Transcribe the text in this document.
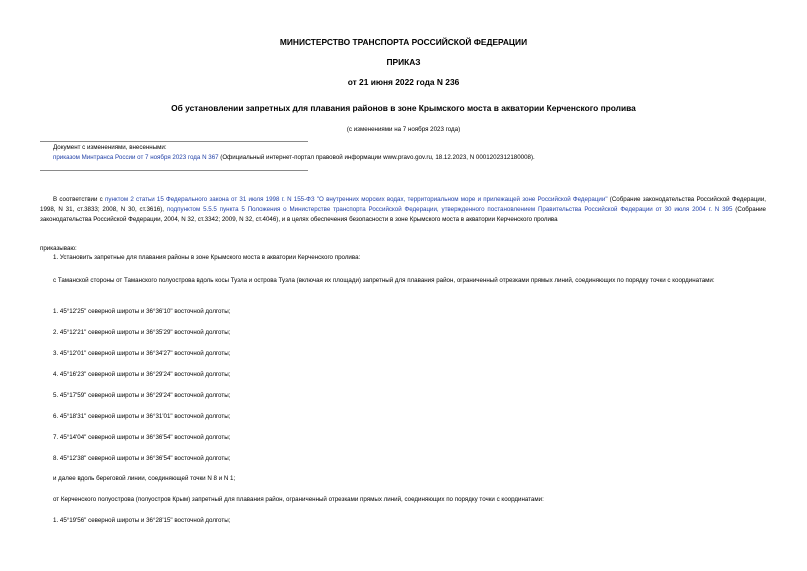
МИНИСТЕРСТВО ТРАНСПОРТА РОССИЙСКОЙ ФЕДЕРАЦИИ
ПРИКАЗ
от 21 июня 2022 года N 236
Об установлении запретных для плавания районов в зоне Крымского моста в акватории Керченского пролива
(с изменениями на 7 ноября 2023 года)
Документ с изменениями, внесенными:
приказом Минтранса России от 7 ноября 2023 года N 367 (Официальный интернет-портал правовой информации www.pravo.gov.ru, 18.12.2023, N 0001202312180008).
В соответствии с пунктом 2 статьи 15 Федерального закона от 31 июля 1998 г. N 155-ФЗ "О внутренних морских водах, территориальном море и прилежащей зоне Российской Федерации" (Собрание законодательства Российской Федерации, 1998, N 31, ст.3833; 2008, N 30, ст.3616), подпунктом 5.5.5 пункта 5 Положения о Министерстве транспорта Российской Федерации, утвержденного постановлением Правительства Российской Федерации от 30 июля 2004 г. N 395 (Собрание законодательства Российской Федерации, 2004, N 32, ст.3342; 2009, N 32, ст.4046), и в целях обеспечения безопасности в зоне Крымского моста в акватории Керченского пролива
приказываю:
1. Установить запретные для плавания районы в зоне Крымского моста в акватории Керченского пролива:
с Таманской стороны от Таманского полуострова вдоль косы Тузла и острова Тузла (включая их площади) запретный для плавания район, ограниченный отрезками прямых линий, соединяющих по порядку точки с координатами:
1. 45°12'25" северной широты и 36°36'10" восточной долготы;
2. 45°12'21" северной широты и 36°35'29" восточной долготы;
3. 45°12'01" северной широты и 36°34'27" восточной долготы;
4. 45°16'23" северной широты и 36°29'24" восточной долготы;
5. 45°17'59" северной широты и 36°29'24" восточной долготы;
6. 45°18'31" северной широты и 36°31'01" восточной долготы;
7. 45°14'04" северной широты и 36°36'54" восточной долготы;
8. 45°12'38" северной широты и 36°36'54" восточной долготы;
и далее вдоль береговой линии, соединяющей точки N 8 и N 1;
от Керченского полуострова (полуостров Крым) запретный для плавания район, ограниченный отрезками прямых линий, соединяющих по порядку точки с координатами:
1. 45°19'56" северной широты и 36°28'15" восточной долготы;
